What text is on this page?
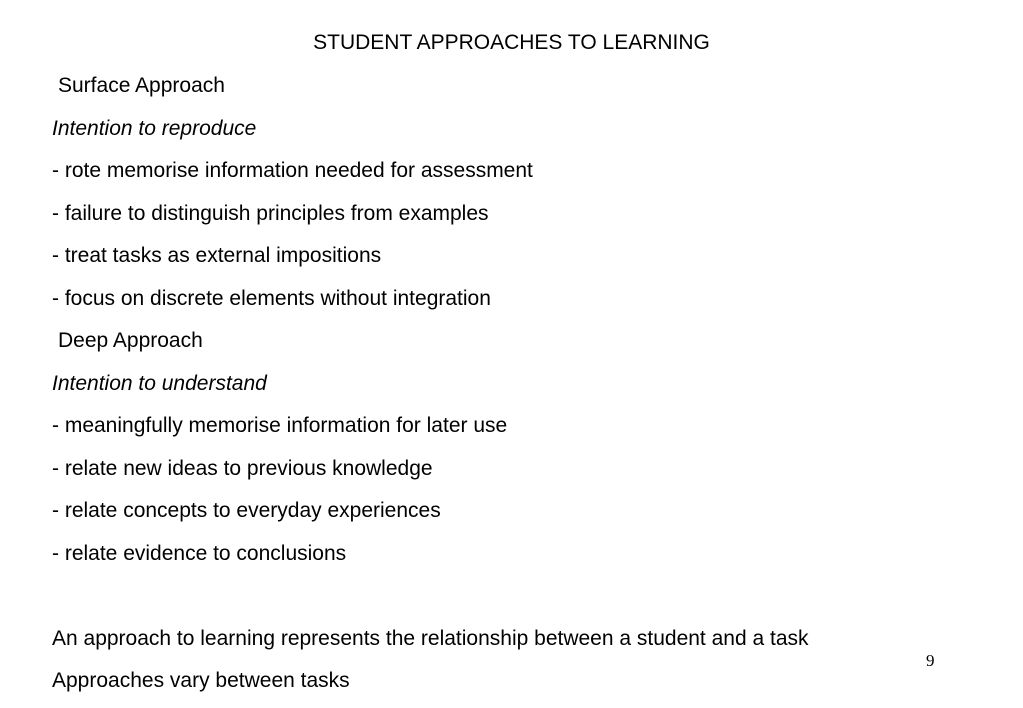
STUDENT APPROACHES TO LEARNING
Surface Approach
Intention to reproduce
- rote memorise information needed for assessment
- failure to distinguish principles from examples
- treat tasks as external impositions
- focus on discrete elements without integration
Deep Approach
Intention to understand
- meaningfully memorise information for later use
- relate new ideas to previous knowledge
- relate concepts to everyday experiences
- relate evidence to conclusions
An approach to learning represents the relationship between a student and a task
Approaches vary between tasks
9
